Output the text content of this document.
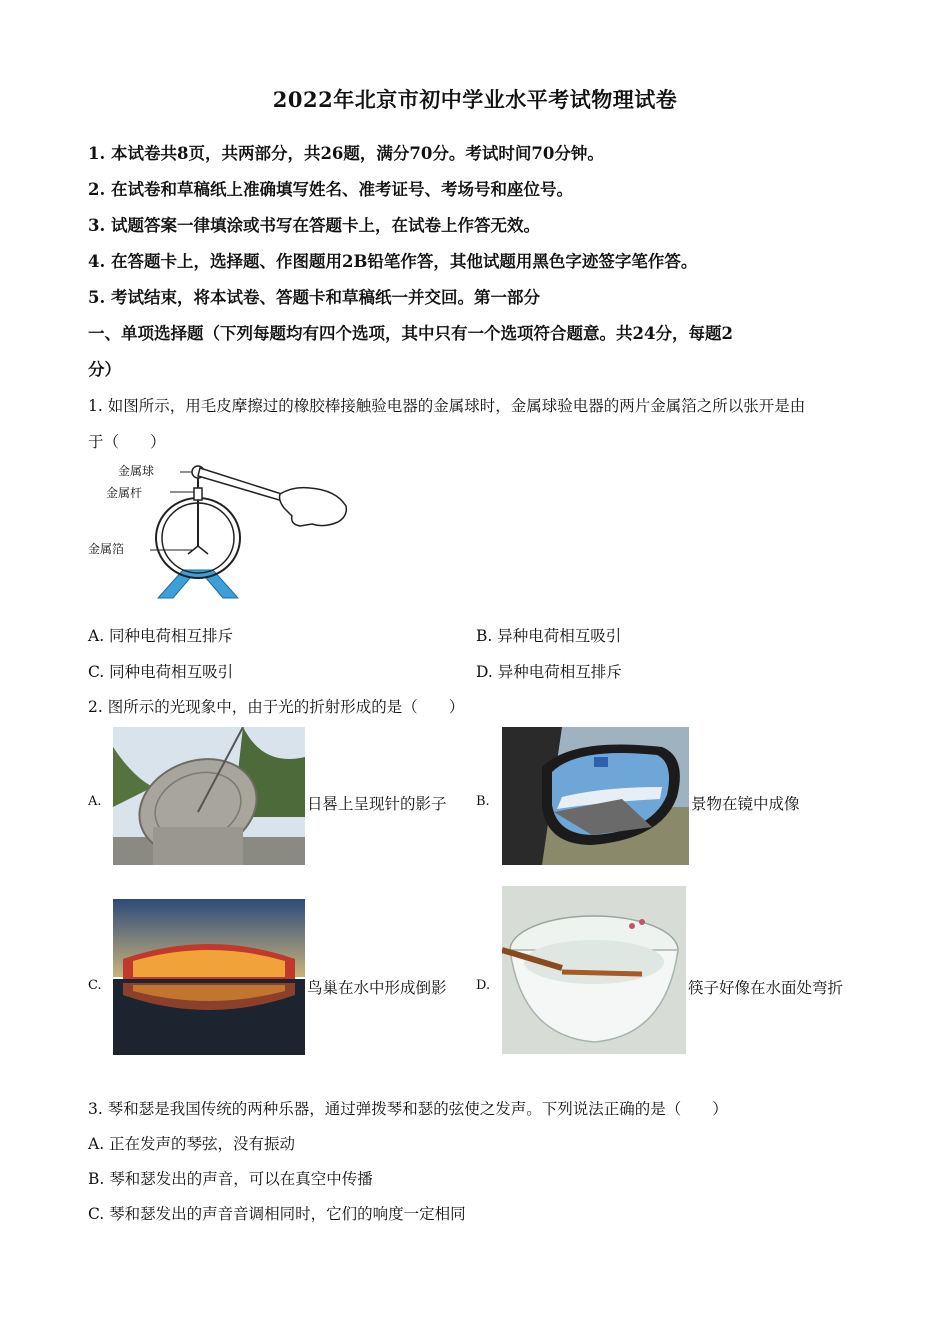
2022年北京市初中学业水平考试物理试卷
1. 本试卷共8页，共两部分，共26题，满分70分。考试时间70分钟。
2. 在试卷和草稿纸上准确填写姓名、准考证号、考场号和座位号。
3. 试题答案一律填涂或书写在答题卡上，在试卷上作答无效。
4. 在答题卡上，选择题、作图题用2B铅笔作答，其他试题用黑色字迹签字笔作答。
5. 考试结束，将本试卷、答题卡和草稿纸一并交回。第一部分
一、单项选择题（下列每题均有四个选项，其中只有一个选项符合题意。共24分，每题2
分）
1. 如图所示，用毛皮摩擦过的橡胶棒接触验电器的金属球时，金属球验电器的两片金属箔之所以张开是由
于（　　）
金属球
金属杆
金属箔
A. 同种电荷相互排斥	B. 异种电荷相互吸引
C. 同种电荷相互吸引	D. 异种电荷相互排斥
2. 图所示的光现象中，由于光的折射形成的是（　　）
A.	日晷上呈现针的影子 B.	景物在镜中成像
C.	鸟巢在水中形成倒影 D.	筷子好像在水面处弯折
3. 琴和瑟是我国传统的两种乐器，通过弹拨琴和瑟的弦使之发声。下列说法正确的是（　　）
A. 正在发声的琴弦，没有振动
B. 琴和瑟发出的声音，可以在真空中传播
C. 琴和瑟发出的声音音调相同时，它们的响度一定相同
